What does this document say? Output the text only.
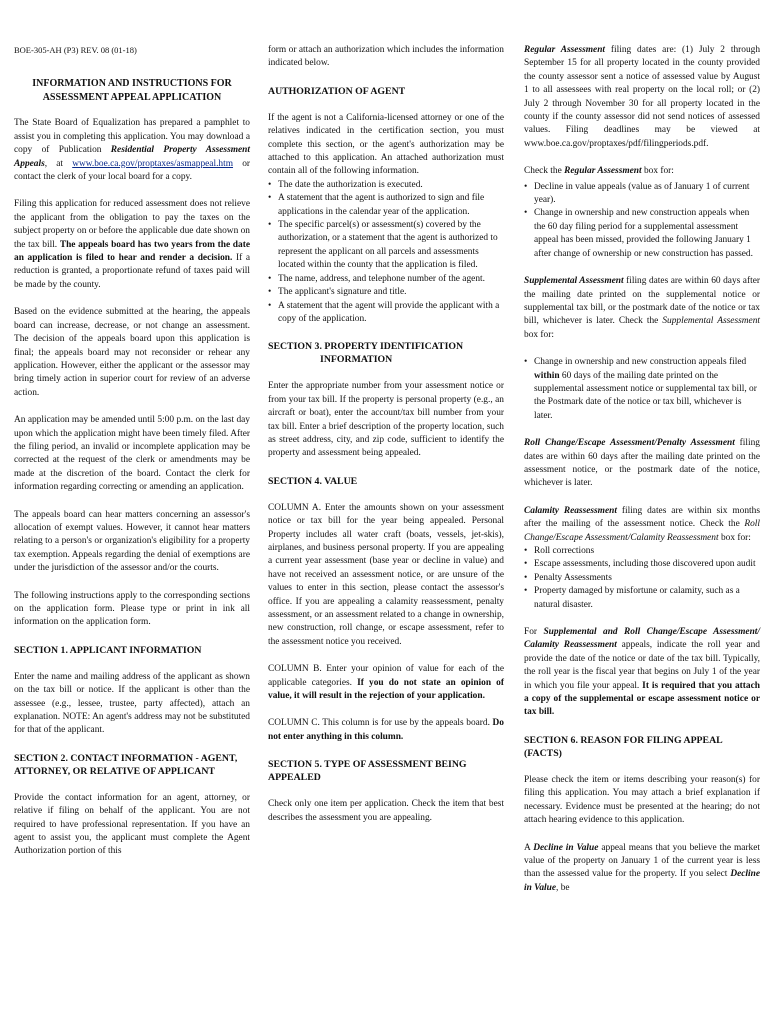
BOE-305-AH (P3) REV. 08 (01-18)
INFORMATION AND INSTRUCTIONS FOR
ASSESSMENT APPEAL APPLICATION

The State Board of Equalization has prepared a pamphlet to assist you in completing this application. You may download a copy of Publication Residential Property Assessment Appeals, at www.boe.ca.gov/proptaxes/asmappeal.htm or contact the clerk of your local board for a copy.

Filing this application for reduced assessment does not relieve the applicant from the obligation to pay the taxes on the subject property on or before the applicable due date shown on the tax bill. The appeals board has two years from the date an application is filed to hear and render a decision. If a reduction is granted, a proportionate refund of taxes paid will be made by the county.

Based on the evidence submitted at the hearing, the appeals board can increase, decrease, or not change an assessment. The decision of the appeals board upon this application is final; the appeals board may not reconsider or rehear any application. However, either the applicant or the assessor may bring timely action in superior court for review of an adverse action.

An application may be amended until 5:00 p.m. on the last day upon which the application might have been timely filed. After the filing period, an invalid or incomplete application may be corrected at the request of the clerk or amendments may be made at the discretion of the board. Contact the clerk for information regarding correcting or amending an application.

The appeals board can hear matters concerning an assessor's allocation of exempt values. However, it cannot hear matters relating to a person's or organization's eligibility for a property tax exemption. Appeals regarding the denial of exemptions are under the jurisdiction of the assessor and/or the courts.

The following instructions apply to the corresponding sections on the application form. Please type or print in ink all information on the application form.

SECTION 1. APPLICANT INFORMATION

Enter the name and mailing address of the applicant as shown on the tax bill or notice. If the applicant is other than the assessee (e.g., lessee, trustee, party affected), attach an explanation. NOTE: An agent's address may not be substituted for that of the applicant.

SECTION 2. CONTACT INFORMATION - AGENT,
ATTORNEY, OR RELATIVE OF APPLICANT

Provide the contact information for an agent, attorney, or relative if filing on behalf of the applicant. You are not required to have professional representation. If you have an agent to assist you, the applicant must complete the Agent Authorization portion of this

form or attach an authorization which includes the information indicated below.

AUTHORIZATION OF AGENT

If the agent is not a California-licensed attorney or one of the relatives indicated in the certification section, you must complete this section, or the agent's authorization may be attached to this application. An attached authorization must contain all of the following information.

• The date the authorization is executed.
• A statement that the agent is authorized to sign and file applications in the calendar year of the application.
• The specific parcel(s) or assessment(s) covered by the authorization, or a statement that the agent is authorized to represent the applicant on all parcels and assessments located within the county that the application is filed.
• The name, address, and telephone number of the agent.
• The applicant's signature and title.
• A statement that the agent will provide the applicant with a copy of the application.
SECTION 3. PROPERTY IDENTIFICATION
INFORMATION

Enter the appropriate number from your assessment notice or from your tax bill. If the property is personal property (e.g., an aircraft or boat), enter the account/tax bill number from your tax bill. Enter a brief description of the property location, such as street address, city, and zip code, sufficient to identify the property and assessment being appealed.

SECTION 4. VALUE

COLUMN A. Enter the amounts shown on your assessment notice or tax bill for the year being appealed. Personal Property includes all water craft (boats, vessels, jet-skis), airplanes, and business personal property. If you are appealing a current year assessment (base year or decline in value) and have not received an assessment notice, or are unsure of the values to enter in this section, please contact the assessor's office. If you are appealing a calamity reassessment, penalty assessment, or an assessment related to a change in ownership, new construction, roll change, or escape assessment, refer to the assessment notice you received.

COLUMN B. Enter your opinion of value for each of the applicable categories. If you do not state an opinion of value, it will result in the rejection of your application.

COLUMN C. This column is for use by the appeals board. Do not enter anything in this column.

SECTION 5. TYPE OF ASSESSMENT BEING APPEALED

Check only one item per application. Check the item that best describes the assessment you are appealing.

Regular Assessment filing dates are: (1) July 2 through September 15 for all property located in the county provided the county assessor sent a notice of assessed value by August 1 to all assessees with real property on the local roll; or (2) July 2 through November 30 for all property located in the county if the county assessor did not send notices of assessed values. Filing deadlines may be viewed at www.boe.ca.gov/proptaxes/pdf/filingperiods.pdf.

Check the Regular Assessment box for:

• Decline in value appeals (value as of January 1 of current year).
• Change in ownership and new construction appeals when the 60 day filing period for a supplemental assessment appeal has been missed, provided the following January 1 after change of ownership or new construction has passed.

Supplemental Assessment filing dates are within 60 days after the mailing date printed on the supplemental notice or supplemental tax bill, or the postmark date of the notice or tax bill, whichever is later. Check the Supplemental Assessment box for:

• Change in ownership and new construction appeals filed within 60 days of the mailing date printed on the supplemental assessment notice or supplemental tax bill, or the Postmark date of the notice or tax bill, whichever is later.

Roll Change/Escape Assessment/Penalty Assessment filing dates are within 60 days after the mailing date printed on the assessment notice, or the postmark date of the notice, whichever is later.

Calamity Reassessment filing dates are within six months after the mailing of the assessment notice. Check the Roll Change/Escape Assessment/Calamity Reassessment box for:

• Roll corrections
• Escape assessments, including those discovered upon audit
• Penalty Assessments
• Property damaged by misfortune or calamity, such as a natural disaster.

For Supplemental and Roll Change/Escape Assessment/ Calamity Reassessment appeals, indicate the roll year and provide the date of the notice or date of the tax bill. Typically, the roll year is the fiscal year that begins on July 1 of the year in which you file your appeal. It is required that you attach a copy of the supplemental or escape assessment notice or tax bill.

SECTION 6. REASON FOR FILING APPEAL (FACTS)

Please check the item or items describing your reason(s) for filing this application. You may attach a brief explanation if necessary. Evidence must be presented at the hearing; do not attach hearing evidence to this application.

A Decline in Value appeal means that you believe the market value of the property on January 1 of the current year is less than the assessed value for the property. If you select Decline in Value, be
